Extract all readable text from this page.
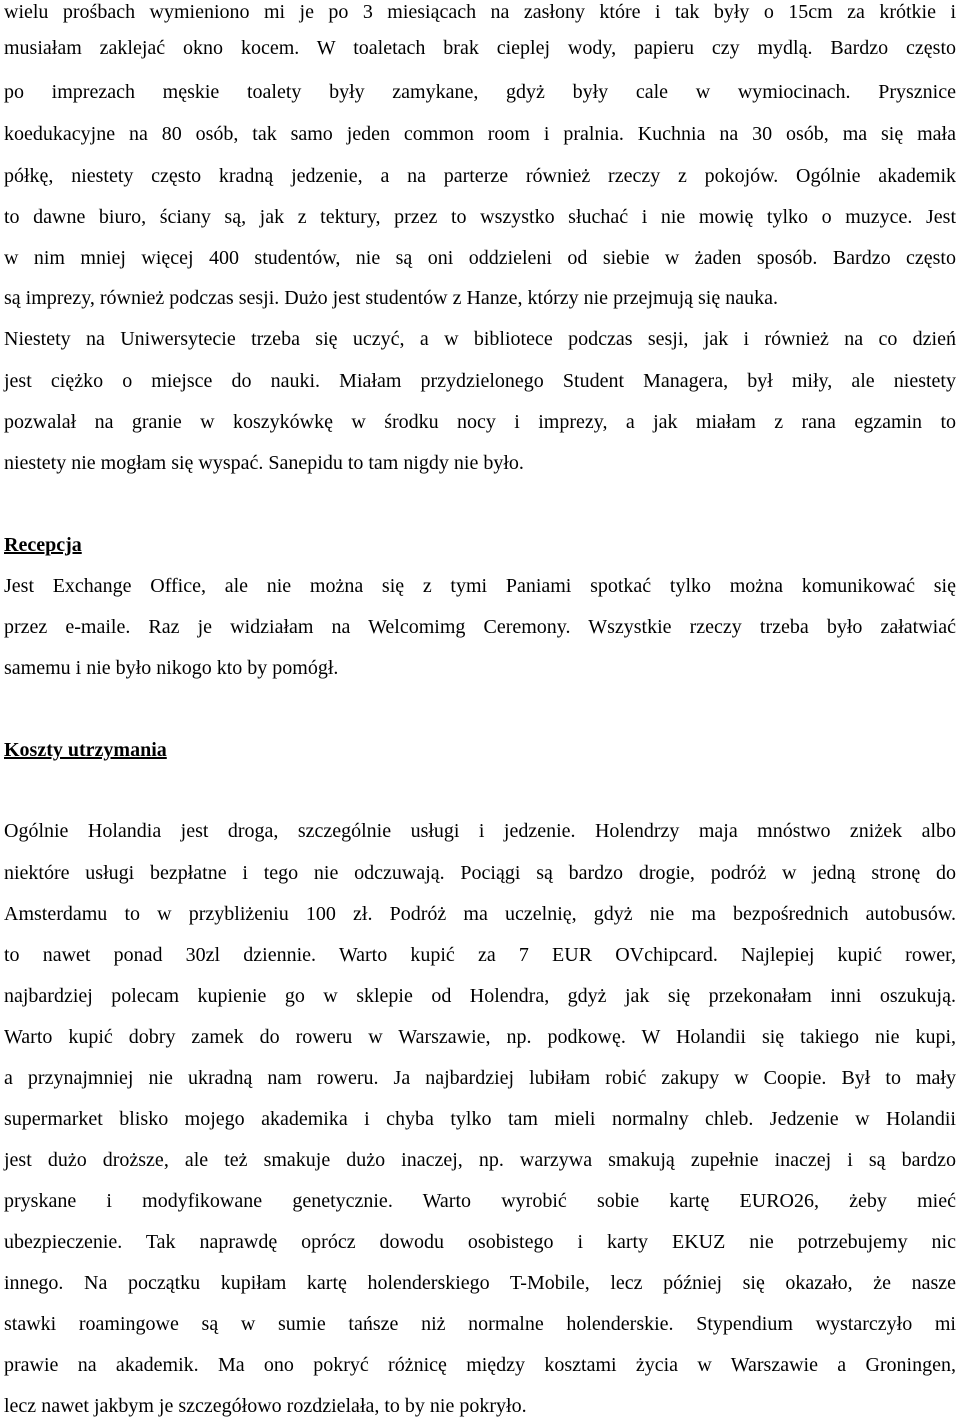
wielu prośbach wymieniono mi je po 3 miesiącach na zasłony które i tak były o 15cm za krótkie i
musiałam zaklejać okno kocem. W toaletach brak cieplej wody, papieru czy mydlą. Bardzo często
po imprezach męskie toalety były zamykane, gdyż były cale w wymiocinach. Prysznice
koedukacyjne na 80 osób, tak samo jeden common room i pralnia. Kuchnia na 30 osób, ma się mała
półkę, niestety często kradną jedzenie, a na parterze również rzeczy z pokojów. Ogólnie akademik
to dawne biuro, ściany są, jak z tektury, przez to wszystko słuchać i nie mowię tylko o muzyce. Jest
w nim mniej więcej 400 studentów, nie są oni oddzieleni od siebie w żaden sposób. Bardzo często
są imprezy, również podczas sesji. Dużo jest studentów z Hanze, którzy nie przejmują się nauka.
Niestety na Uniwersytecie trzeba się uczyć, a w bibliotece podczas sesji, jak i również na co dzień
jest ciężko o miejsce do nauki. Miałam przydzielonego Student Managera, był miły, ale niestety
pozwalał na granie w koszykówkę w środku nocy i imprezy, a jak miałam z rana egzamin to
niestety nie mogłam się wyspać. Sanepidu to tam nigdy nie było.
Recepcja
Jest Exchange Office, ale nie można się z tymi Paniami spotkać tylko można komunikować się
przez e-maile. Raz je widziałam na Welcomimg Ceremony. Wszystkie rzeczy trzeba było załatwiać
samemu i nie było nikogo kto by pomógł.
Koszty utrzymania
Ogólnie Holandia jest droga, szczególnie usługi i jedzenie. Holendrzy maja mnóstwo zniżek albo
niektóre usługi bezpłatne i tego nie odczuwają. Pociągi są bardzo drogie, podróż w jedną stronę do
Amsterdamu to w przybliżeniu 100 zł. Podróż ma uczelnię, gdyż nie ma bezpośrednich autobusów.
to nawet ponad 30zl dziennie. Warto kupić za 7 EUR OVchipcard. Najlepiej kupić rower,
najbardziej polecam kupienie go w sklepie od Holendra, gdyż jak się przekonałam inni oszukują.
Warto kupić dobry zamek do roweru w Warszawie, np. podkowę. W Holandii się takiego nie kupi,
a przynajmniej nie ukradną nam roweru. Ja najbardziej lubiłam robić zakupy w Coopie. Był to mały
supermarket blisko mojego akademika i chyba tylko tam mieli normalny chleb. Jedzenie w Holandii
jest dużo droższe, ale też smakuje dużo inaczej, np. warzywa smakują zupełnie inaczej i są bardzo
pryskane i modyfikowane genetycznie. Warto wyrobić sobie kartę EURO26, żeby mieć
ubezpieczenie. Tak naprawdę oprócz dowodu osobistego i karty EKUZ nie potrzebujemy nic
innego. Na początku kupiłam kartę holenderskiego T-Mobile, lecz później się okazało, że nasze
stawki roamingowe są w sumie tańsze niż normalne holenderskie. Stypendium wystarczyło mi
prawie na akademik. Ma ono pokryć różnicę między kosztami życia w Warszawie a Groningen,
lecz nawet jakbym je szczegółowo rozdzielała, to by nie pokryło.
